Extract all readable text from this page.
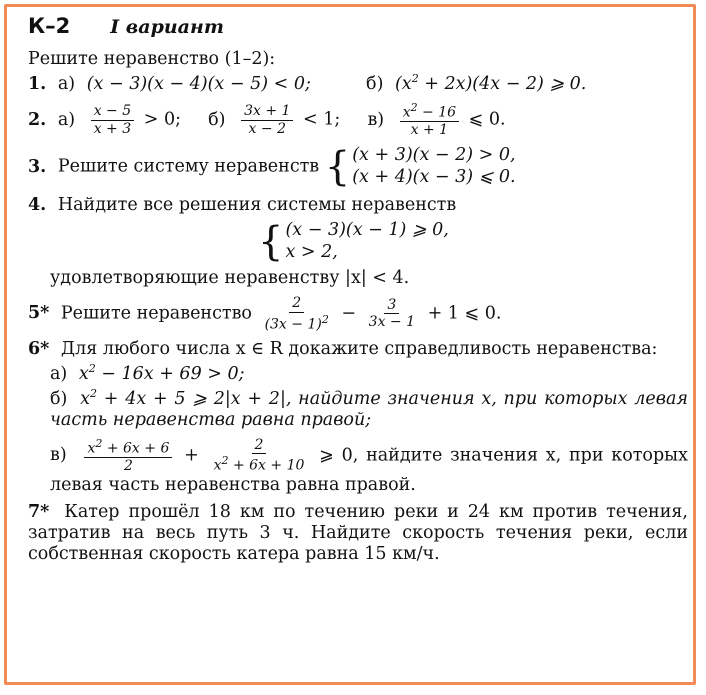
К–2 I вариант
Решите неравенство (1–2):
1. а) (x − 3)(x − 4)(x − 5) < 0;	б) $(x^2 + 2x)(4x - 2)$ ⩾ 0.
2. $а) \frac{x - 5}{x + 3} > 0$; $б) \frac{3x + 1}{x - 2} < 1$; $в) \frac{x^2 - 16}{x + 1}$ ⩽ 0.
3. Решите систему неравенств { (x + 3)(x − 2) > 0,
(x + 4)(x − 3) ⩽ 0.
4. Найдите все решения системы неравенств
{ (x − 3)(x − 1) ⩾ 0,
x > 2,
удовлетворяющие неравенству |x| < 4.
5* Решите неравенство $\frac{2}{(3x - 1)^2} - \frac{3}{3x - 1} + 1$ ⩽ 0.
6* Для любого числа x ∈ R докажите справедливость неравенства:
а) $x^2 - 16x + 69 > 0$;
б) $x^2 + 4x + 5$ ⩾ 2|x + 2|, найдите значения x, при которых левая часть неравенства равна правой;
$в) \frac{x^2 + 6x + 6}{2} + \frac{2}{x^2 + 6x + 10}$ ⩾ 0, найдите значения x, при которых левая часть неравенства равна правой.
7* Катер прошёл 18 км по течению реки и 24 км против течения, затратив на весь путь 3 ч. Найдите скорость течения реки, если собственная скорость катера равна 15 км/ч.
